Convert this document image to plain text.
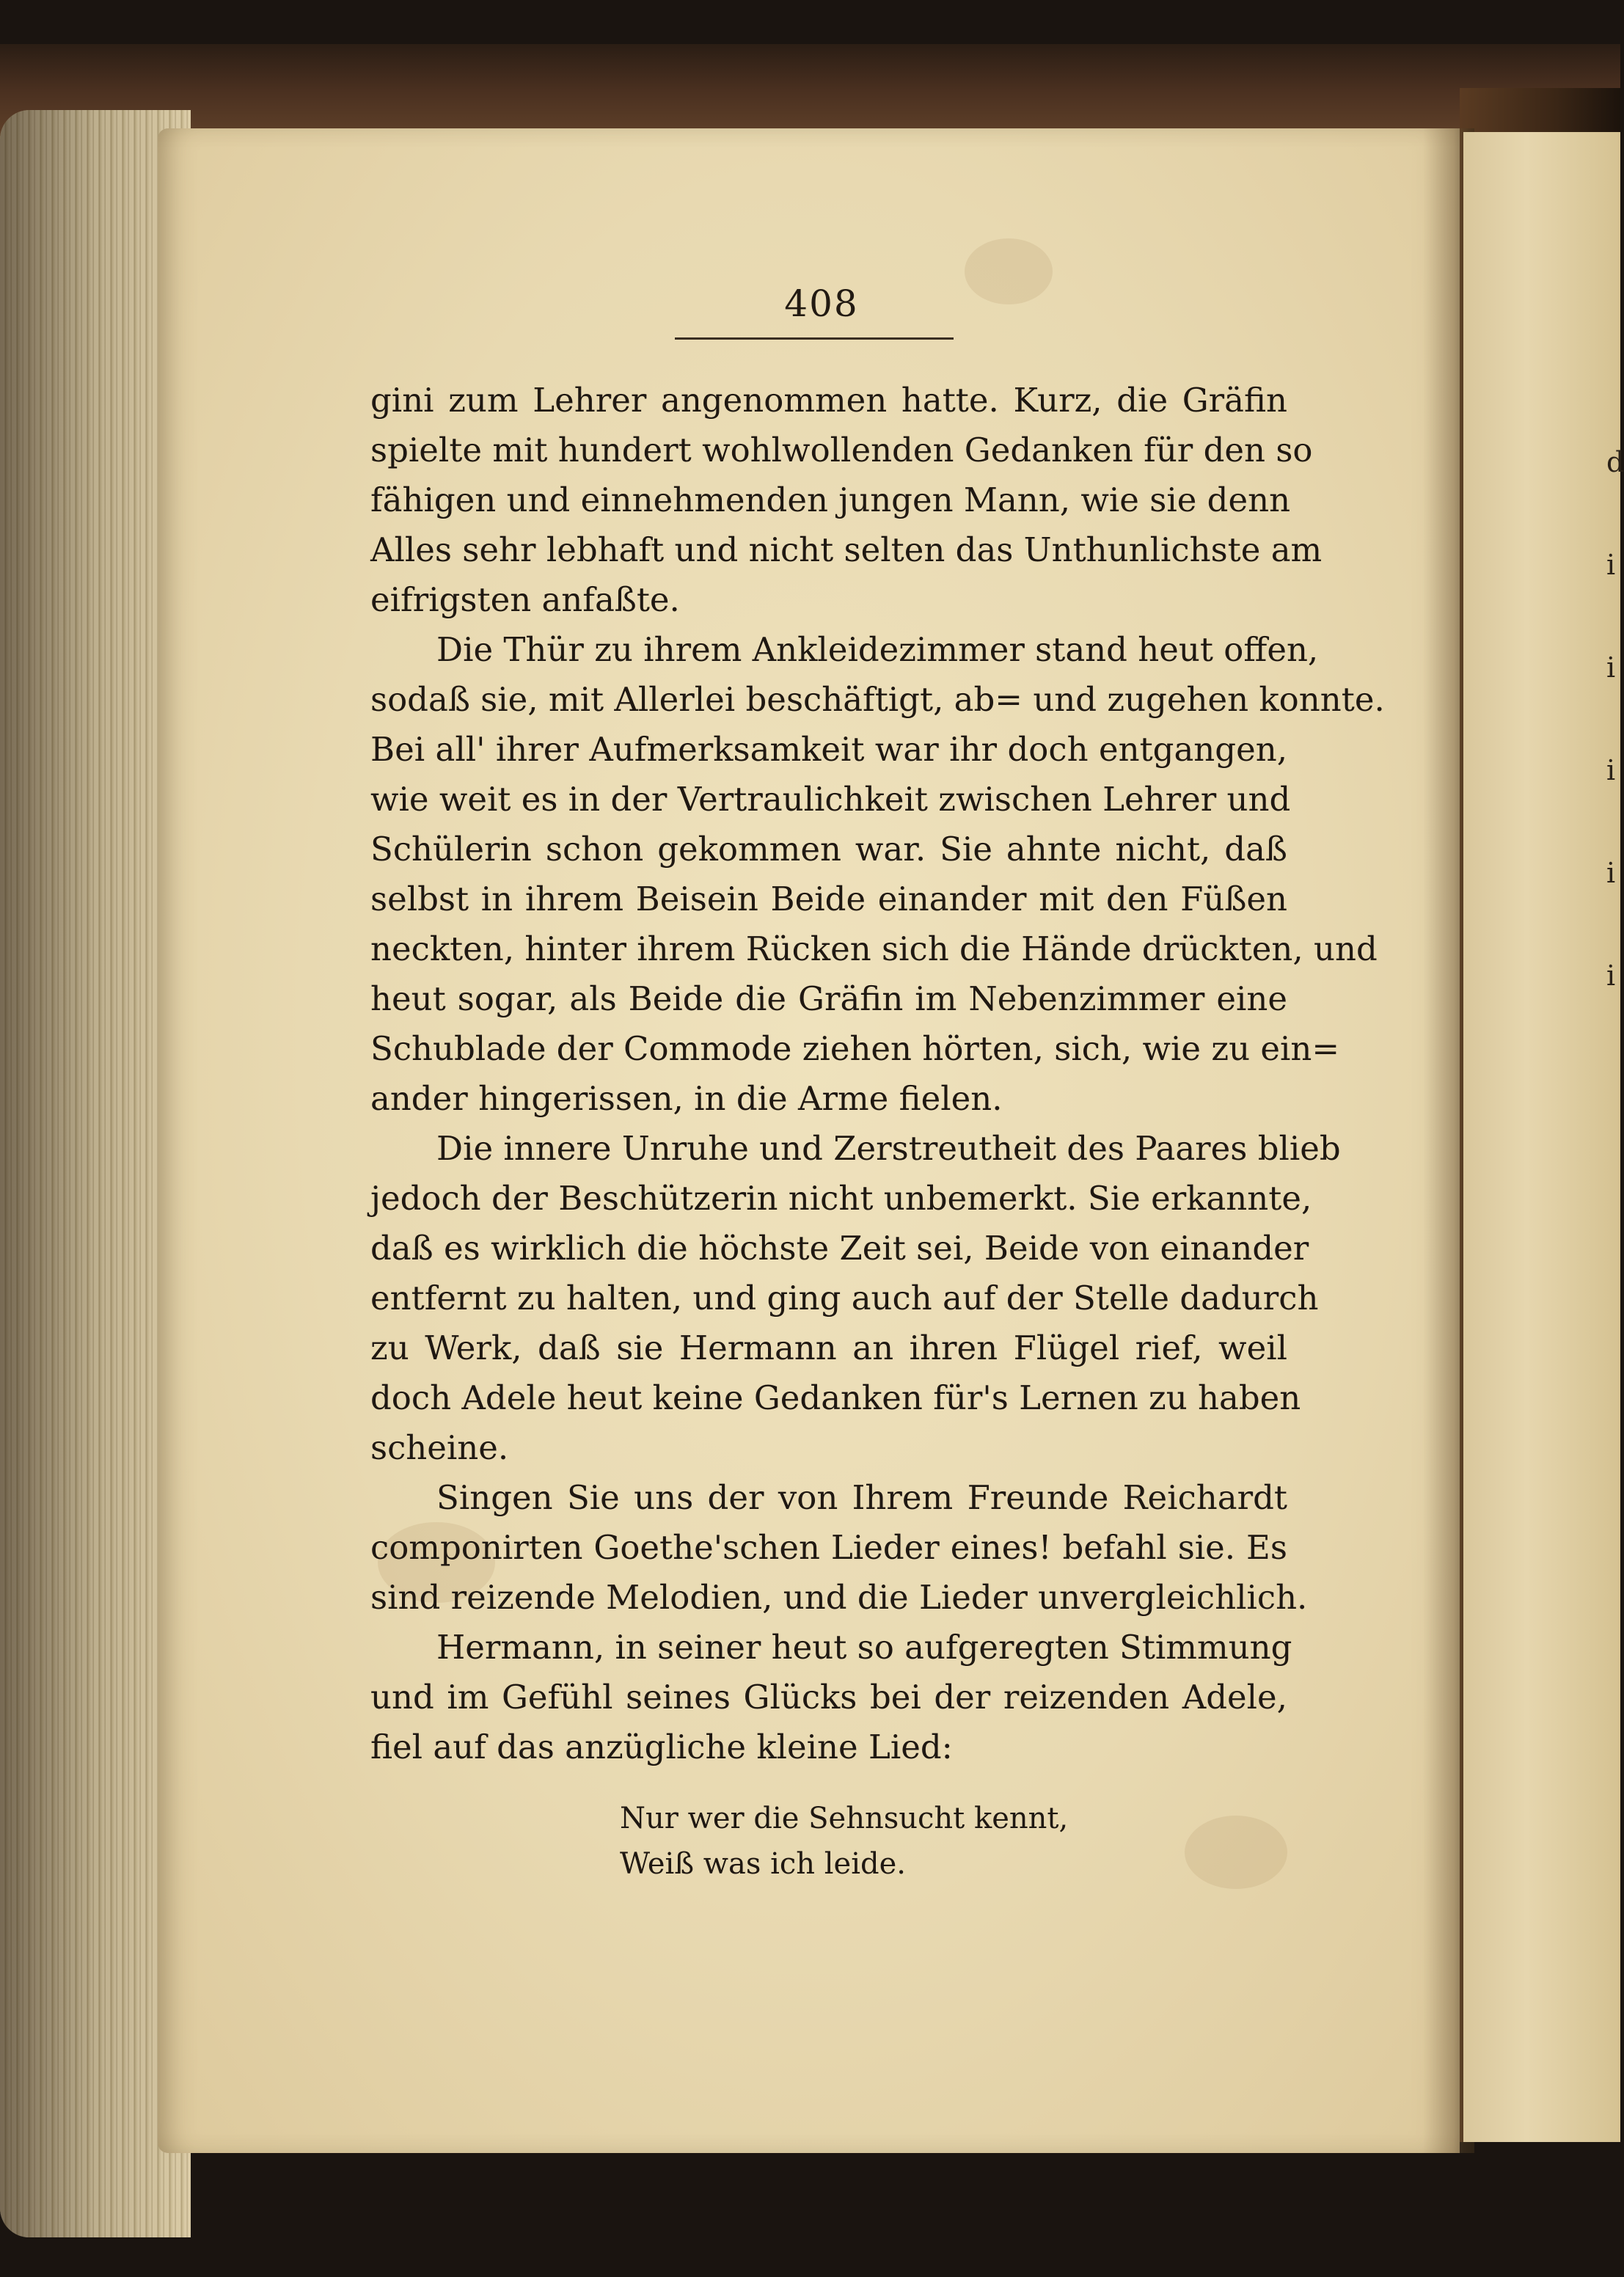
d
i
i
i
i
i
408
gini zum Lehrer angenommen hatte. Kurz, die Gräfin
spielte mit hundert wohlwollenden Gedanken für den so
fähigen und einnehmenden jungen Mann, wie sie denn
Alles sehr lebhaft und nicht selten das Unthunlichste am
eifrigsten anfaßte.
Die Thür zu ihrem Ankleidezimmer stand heut offen,
sodaß sie, mit Allerlei beschäftigt, ab= und zugehen konnte.
Bei all' ihrer Aufmerksamkeit war ihr doch entgangen,
wie weit es in der Vertraulichkeit zwischen Lehrer und
Schülerin schon gekommen war. Sie ahnte nicht, daß
selbst in ihrem Beisein Beide einander mit den Füßen
neckten, hinter ihrem Rücken sich die Hände drückten, und
heut sogar, als Beide die Gräfin im Nebenzimmer eine
Schublade der Commode ziehen hörten, sich, wie zu ein=
ander hingerissen, in die Arme fielen.
Die innere Unruhe und Zerstreutheit des Paares blieb
jedoch der Beschützerin nicht unbemerkt. Sie erkannte,
daß es wirklich die höchste Zeit sei, Beide von einander
entfernt zu halten, und ging auch auf der Stelle dadurch
zu Werk, daß sie Hermann an ihren Flügel rief, weil
doch Adele heut keine Gedanken für's Lernen zu haben
scheine.
Singen Sie uns der von Ihrem Freunde Reichardt
componirten Goethe'schen Lieder eines! befahl sie. Es
sind reizende Melodien, und die Lieder unvergleichlich.
Hermann, in seiner heut so aufgeregten Stimmung
und im Gefühl seines Glücks bei der reizenden Adele,
fiel auf das anzügliche kleine Lied:
Nur wer die Sehnsucht kennt,
Weiß was ich leide.
